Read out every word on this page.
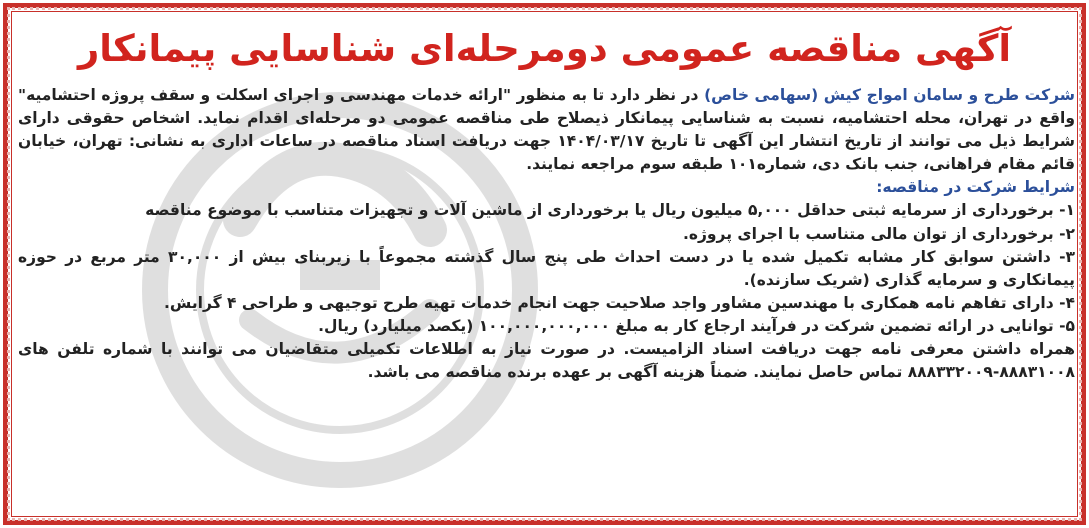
آگهی مناقصه عمومی دومرحله‌ای شناسایی پیمانکار

شرکت طرح و سامان امواج کیش (سهامی خاص) در نظر دارد تا به منظور "ارائه خدمات مهندسی و اجرای اسکلت و سقف پروژه احتشامیه" واقع در تهران، محله احتشامیه، نسبت به شناسایی پیمانکار ذیصلاح طی مناقصه عمومی دو مرحله‌ای اقدام نماید. اشخاص حقوقی دارای شرایط ذیل می توانند از تاریخ انتشار این آگهی تا تاریخ ۱۴۰۴/۰۳/۱۷ جهت دریافت اسناد مناقصه در ساعات اداری به نشانی: تهران، خیابان قائم مقام فراهانی، جنب بانک دی، شماره۱۰۱ طبقه سوم مراجعه نمایند.

شرایط شرکت در مناقصه:

۱- برخورداری از سرمایه ثبتی حداقل ۵,۰۰۰ میلیون ریال یا برخورداری از ماشین آلات و تجهیزات متناسب با موضوع مناقصه

۲- برخورداری از توان مالی متناسب با اجرای پروژه.

۳- داشتن سوابق کار مشابه تکمیل شده یا در دست احداث طی پنج سال گذشته مجموعاً با زیربنای بیش از ۳۰,۰۰۰ متر مربع در حوزه پیمانکاری و سرمایه گذاری (شریک سازنده).

۴- دارای تفاهم نامه همکاری با مهندسین مشاور واجد صلاحیت جهت انجام خدمات تهیه طرح توجیهی و طراحی ۴ گرایش.

۵- توانایی در ارائه تضمین شرکت در فرآیند ارجاع کار به مبلغ ۱۰۰,۰۰۰,۰۰۰,۰۰۰ (یکصد میلیارد) ریال.

همراه داشتن معرفی نامه جهت دریافت اسناد الزامیست. در صورت نیاز به اطلاعات تکمیلی متقاضیان می توانند با شماره تلفن های ۸۸۸۳۱۰۰۸-۸۸۸۳۳۲۰۰۹ تماس حاصل نمایند. ضمناً هزینه آگهی بر عهده برنده مناقصه می باشد.
